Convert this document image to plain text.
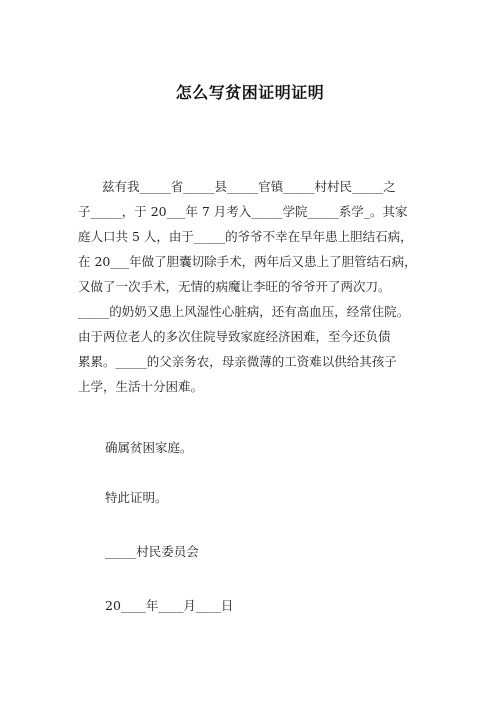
怎么写贫困证明证明
兹有我_____省_____县_____官镇_____村村民_____之
子_____，于 20___年 7 月考入_____学院_____系学_。其家
庭人口共 5 人，由于_____的爷爷不幸在早年患上胆结石病，
在 20___年做了胆囊切除手术，两年后又患上了胆管结石病，
又做了一次手术，无情的病魔让李旺的爷爷开了两次刀。
_____的奶奶又患上风湿性心脏病，还有高血压，经常住院。
由于两位老人的多次住院导致家庭经济困难，至今还负债
累累。_____的父亲务农，母亲微薄的工资难以供给其孩子
上学，生活十分困难。
确属贫困家庭。
特此证明。
_____村民委员会
20____年____月____日
